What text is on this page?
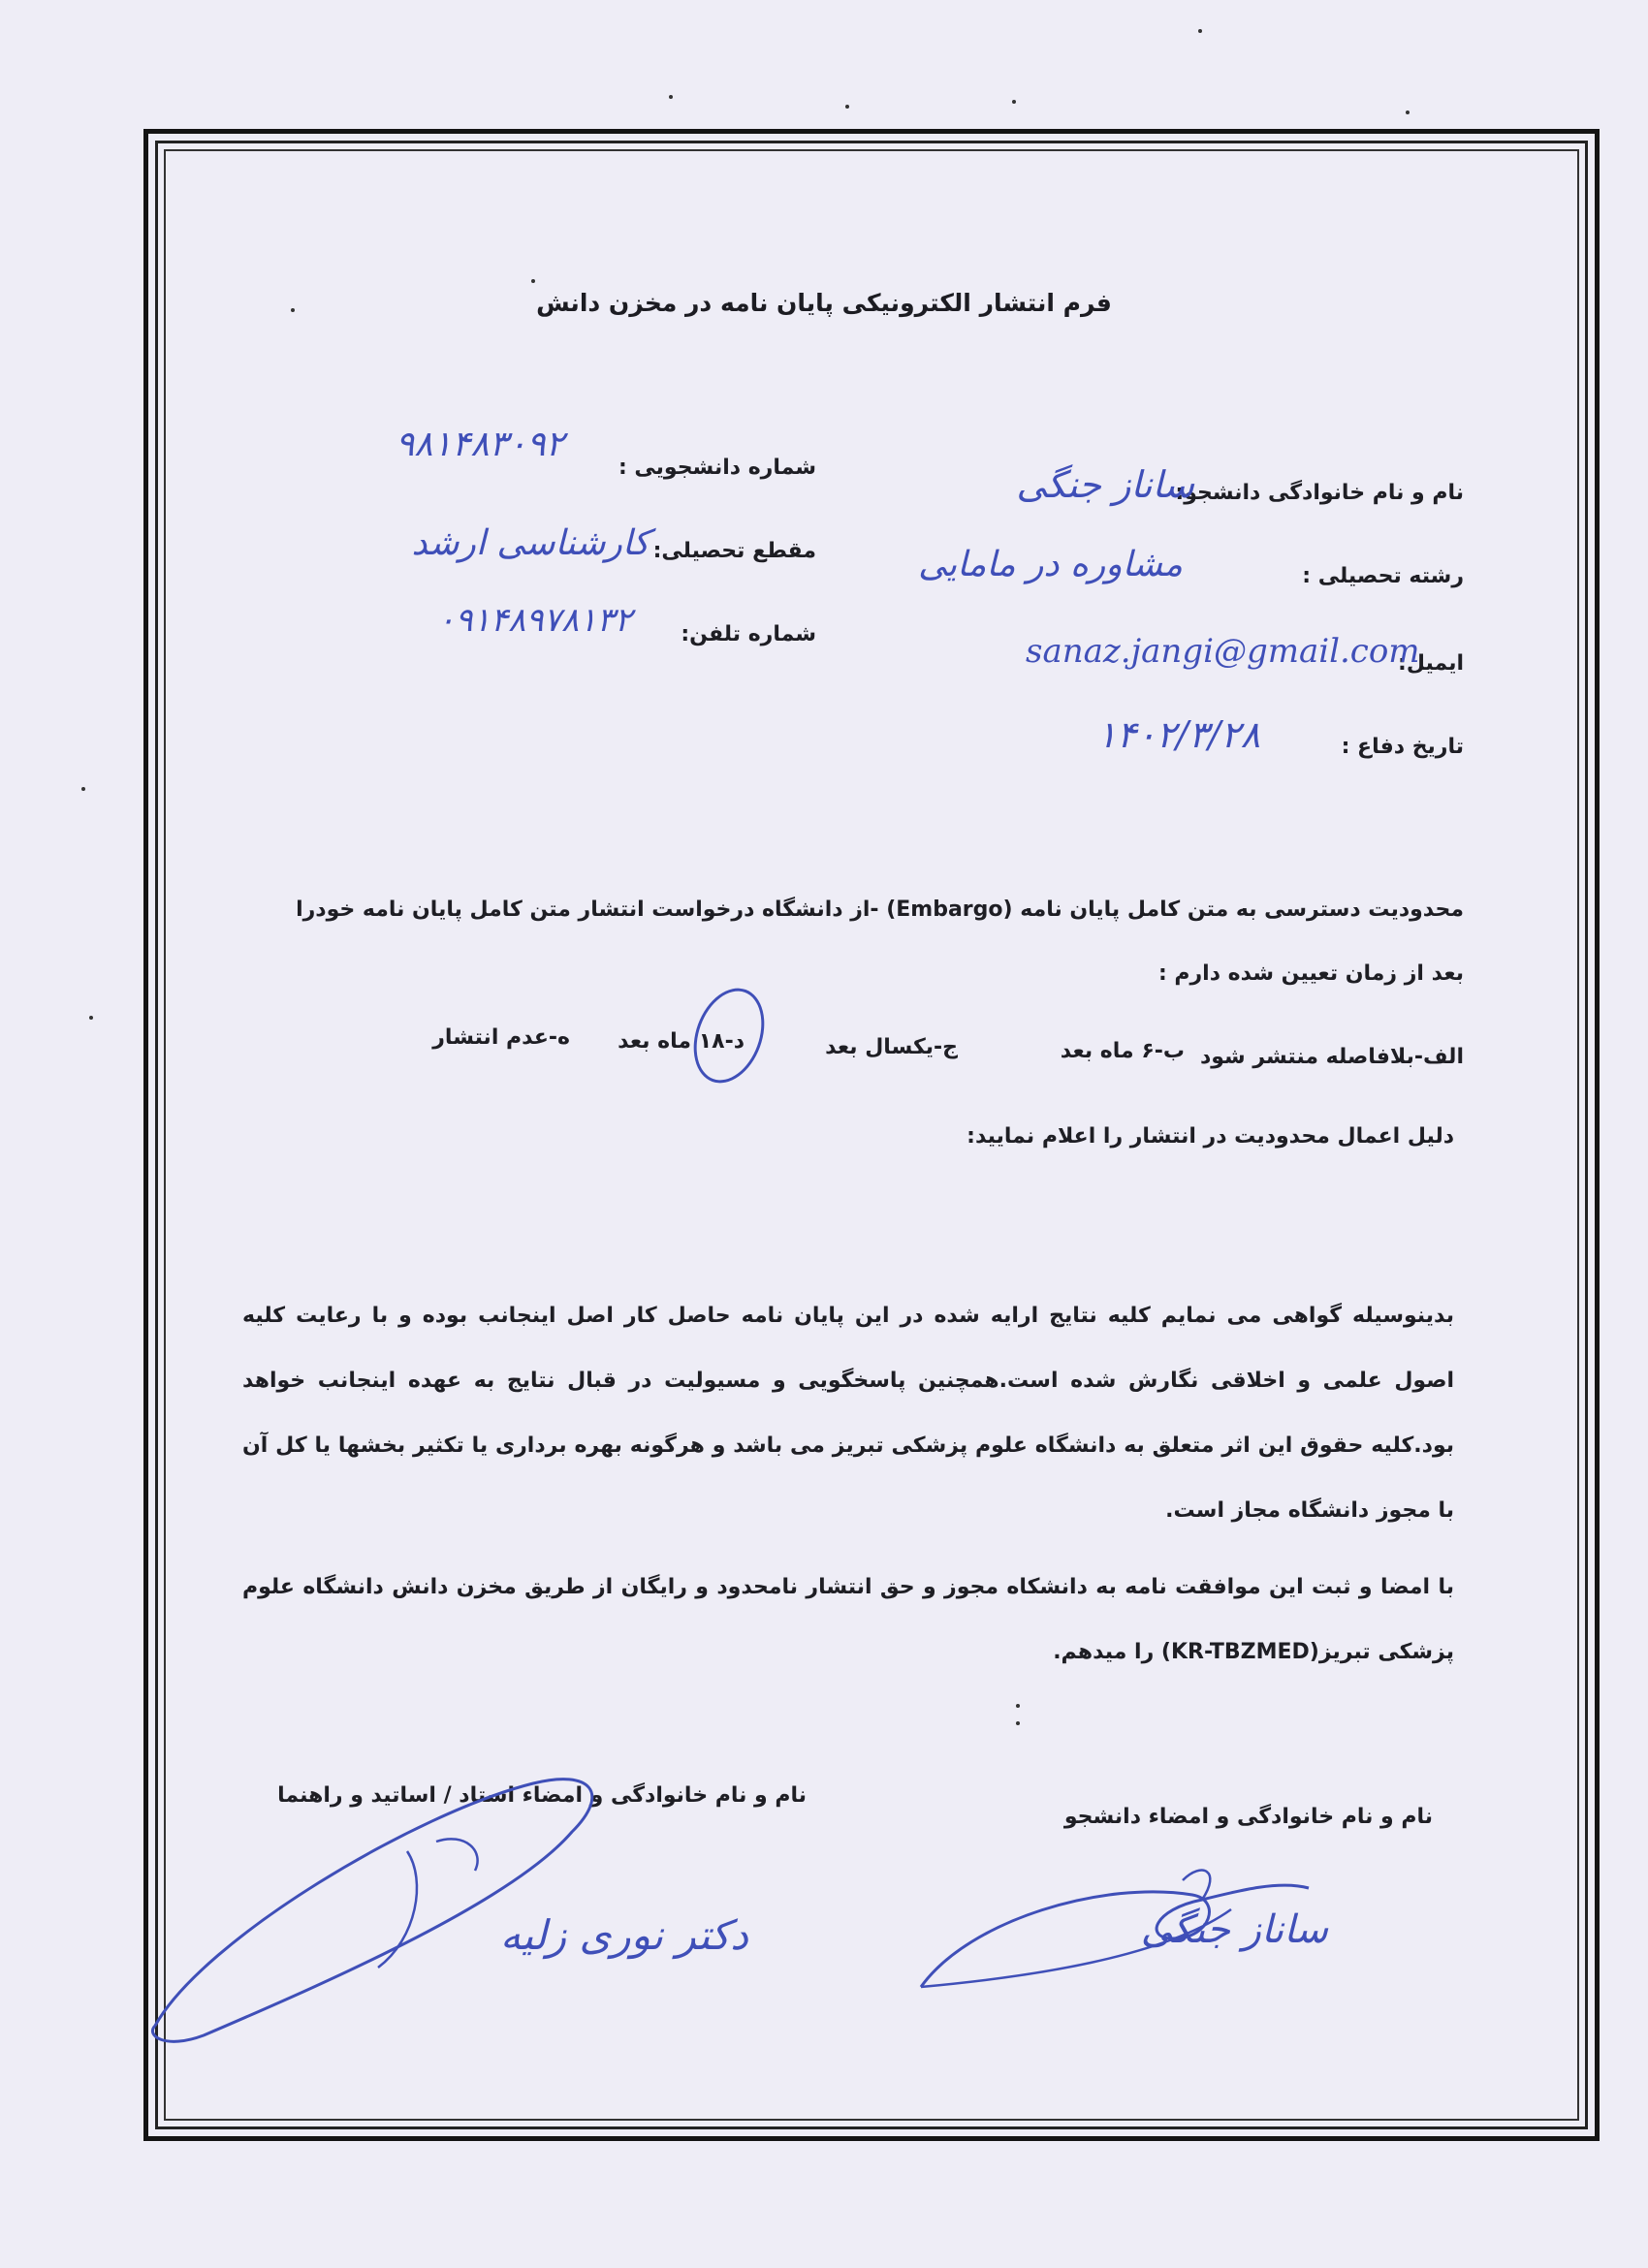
فرم انتشار الکترونیکی پایان نامه در مخزن دانش
نام و نام خانوادگی دانشجو:
ساناز جنگی
شماره دانشجویی :
۹۸۱۴۸۳۰۹۲
رشته تحصیلی :
مشاوره در مامایی
مقطع تحصیلی:
کارشناسی ارشد
ایمیل:
sanaz.jangi@gmail.com
شماره تلفن:
۰۹۱۴۸۹۷۸۱۳۲
تاریخ دفاع :
۱۴۰۲/۳/۲۸
محدودیت دسترسی به متن کامل پایان نامه (Embargo) -از دانشگاه درخواست انتشار متن کامل پایان نامه خودرا
بعد از زمان تعیین شده دارم :
الف-بلافاصله منتشر شود
ب-۶ ماه بعد
ج-یکسال بعد
د-۱۸ ماه بعد
ه-عدم انتشار
دلیل اعمال محدودیت در انتشار را اعلام نمایید:
بدینوسیله گواهی می نمایم کلیه نتایج ارایه شده در این پایان نامه حاصل کار اصل اینجانب بوده و با رعایت کلیه اصول علمی و اخلاقی نگارش شده است.همچنین پاسخگویی و مسیولیت در قبال نتایج به عهده اینجانب خواهد بود.کلیه حقوق این اثر متعلق به دانشگاه علوم پزشکی تبریز می باشد و هرگونه بهره برداری یا تکثیر بخشها یا کل آن با مجوز دانشگاه مجاز است.
با امضا و ثبت این موافقت نامه به دانشکاه مجوز و حق انتشار نامحدود و رایگان از طریق مخزن دانش دانشگاه علوم پزشکی تبریز(KR-TBZMED) را میدهم.
نام و نام خانوادگی و امضاء دانشجو
نام و نام خانوادگی و امضاء استاد / اساتید و راهنما
ساناز جنگی
دکتر نوری زلیه
